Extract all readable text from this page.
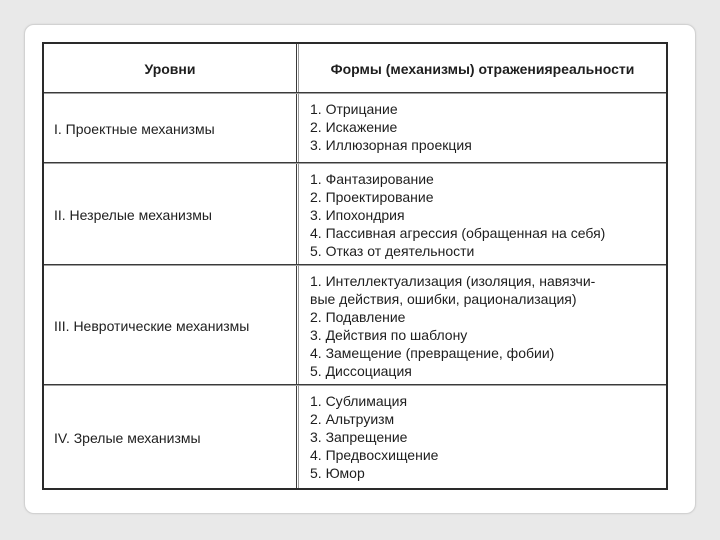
Уровни	Формы (механизмы) отражения реальности
I. Проектные механизмы
1. Отрицание
2. Искажение
3. Иллюзорная проекция
II. Незрелые механизмы
1. Фантазирование
2. Проектирование
3. Ипохондрия
4. Пассивная агрессия (обращенная на себя)
5. Отказ от деятельности
III. Невротические механизмы
1. Интеллектуализация (изоляция, навязчи-
вые действия, ошибки, рационализация)
2. Подавление
3. Действия по шаблону
4. Замещение (превращение, фобии)
5. Диссоциация
IV. Зрелые механизмы
1. Сублимация
2. Альтруизм
3. Запрещение
4. Предвосхищение
5. Юмор
